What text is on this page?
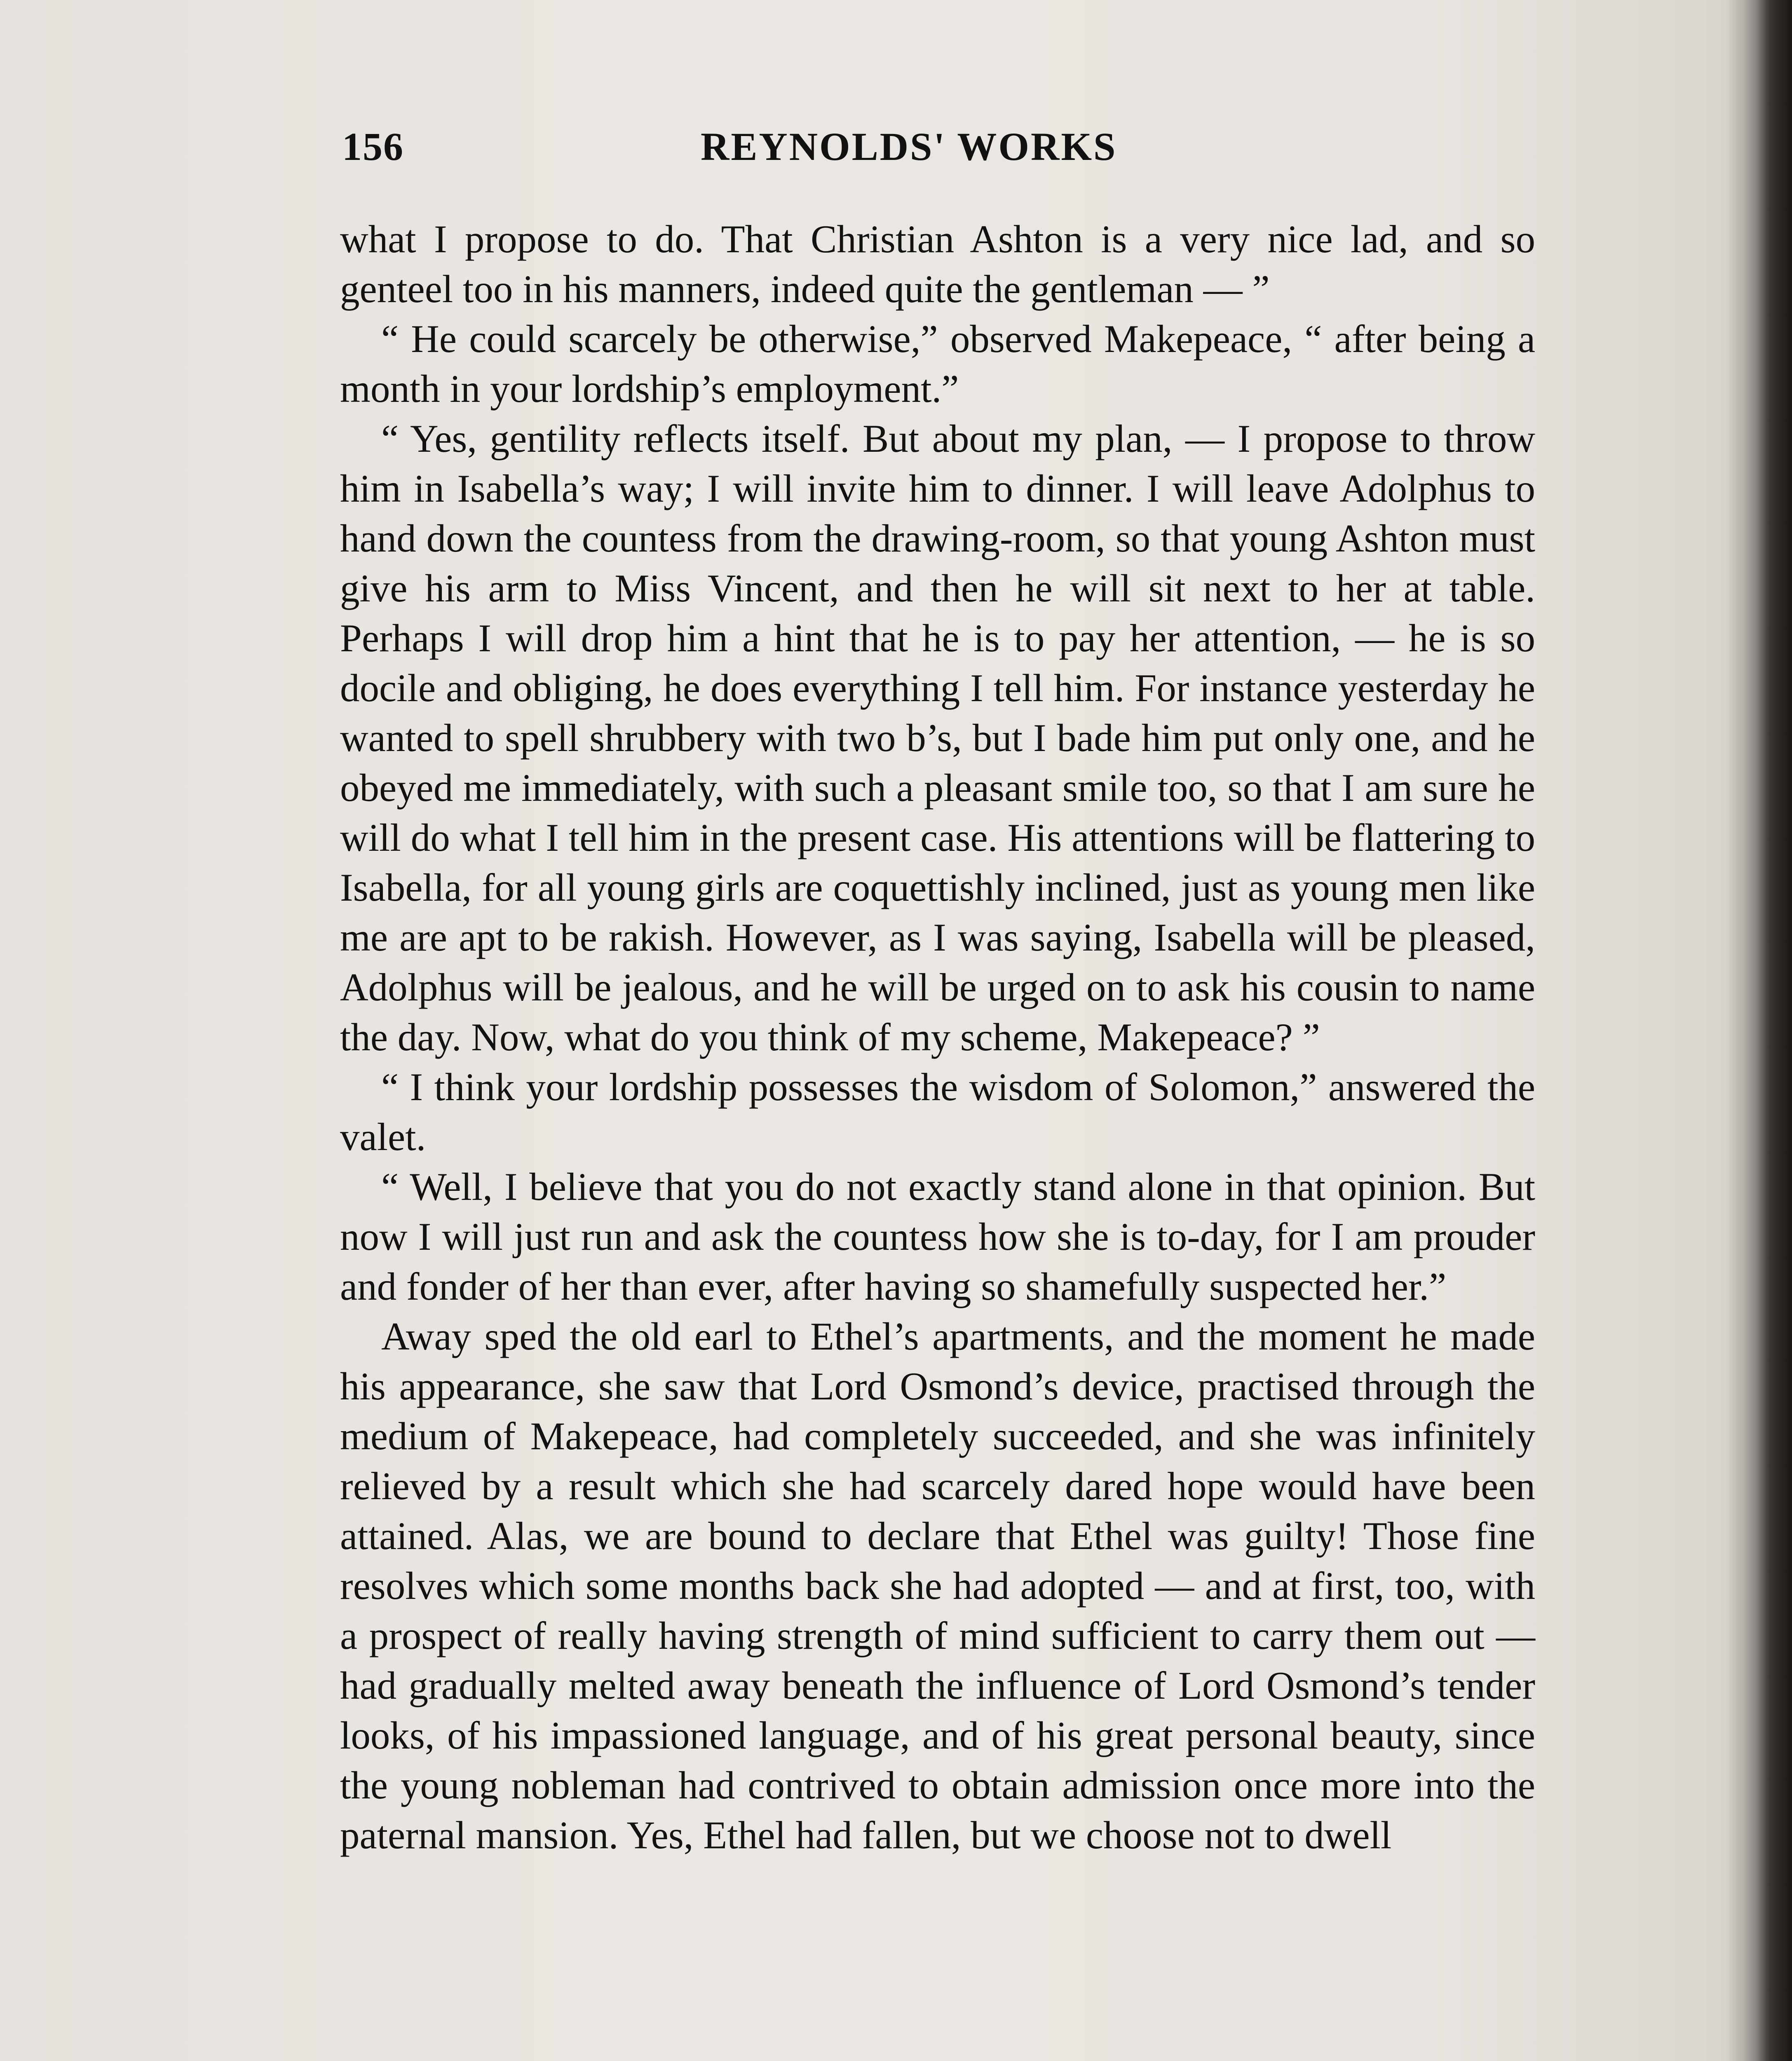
156	REYNOLDS' WORKS

what I propose to do. That Christian Ashton is a very nice lad, and so genteel too in his manners, indeed quite the gentleman — ”

“ He could scarcely be otherwise,” observed Makepeace, “ after being a month in your lordship’s employment.”

“ Yes, gentility reflects itself. But about my plan, — I propose to throw him in Isabella’s way; I will invite him to dinner. I will leave Adolphus to hand down the countess from the drawing-room, so that young Ashton must give his arm to Miss Vincent, and then he will sit next to her at table. Perhaps I will drop him a hint that he is to pay her attention, — he is so docile and obliging, he does everything I tell him. For instance yesterday he wanted to spell shrubbery with two b’s, but I bade him put only one, and he obeyed me immediately, with such a pleasant smile too, so that I am sure he will do what I tell him in the present case. His attentions will be flattering to Isabella, for all young girls are coquettishly inclined, just as young men like me are apt to be rakish. However, as I was saying, Isabella will be pleased, Adolphus will be jealous, and he will be urged on to ask his cousin to name the day. Now, what do you think of my scheme, Makepeace? ”

“ I think your lordship possesses the wisdom of Solomon,” answered the valet.

“ Well, I believe that you do not exactly stand alone in that opinion. But now I will just run and ask the countess how she is to-day, for I am prouder and fonder of her than ever, after having so shamefully suspected her.”

Away sped the old earl to Ethel’s apartments, and the moment he made his appearance, she saw that Lord Osmond’s device, practised through the medium of Makepeace, had completely succeeded, and she was infinitely relieved by a result which she had scarcely dared hope would have been attained. Alas, we are bound to declare that Ethel was guilty! Those fine resolves which some months back she had adopted — and at first, too, with a prospect of really having strength of mind sufficient to carry them out — had gradually melted away beneath the influence of Lord Osmond’s tender looks, of his impassioned language, and of his great personal beauty, since the young nobleman had contrived to obtain admission once more into the paternal mansion. Yes, Ethel had fallen, but we choose not to dwell
